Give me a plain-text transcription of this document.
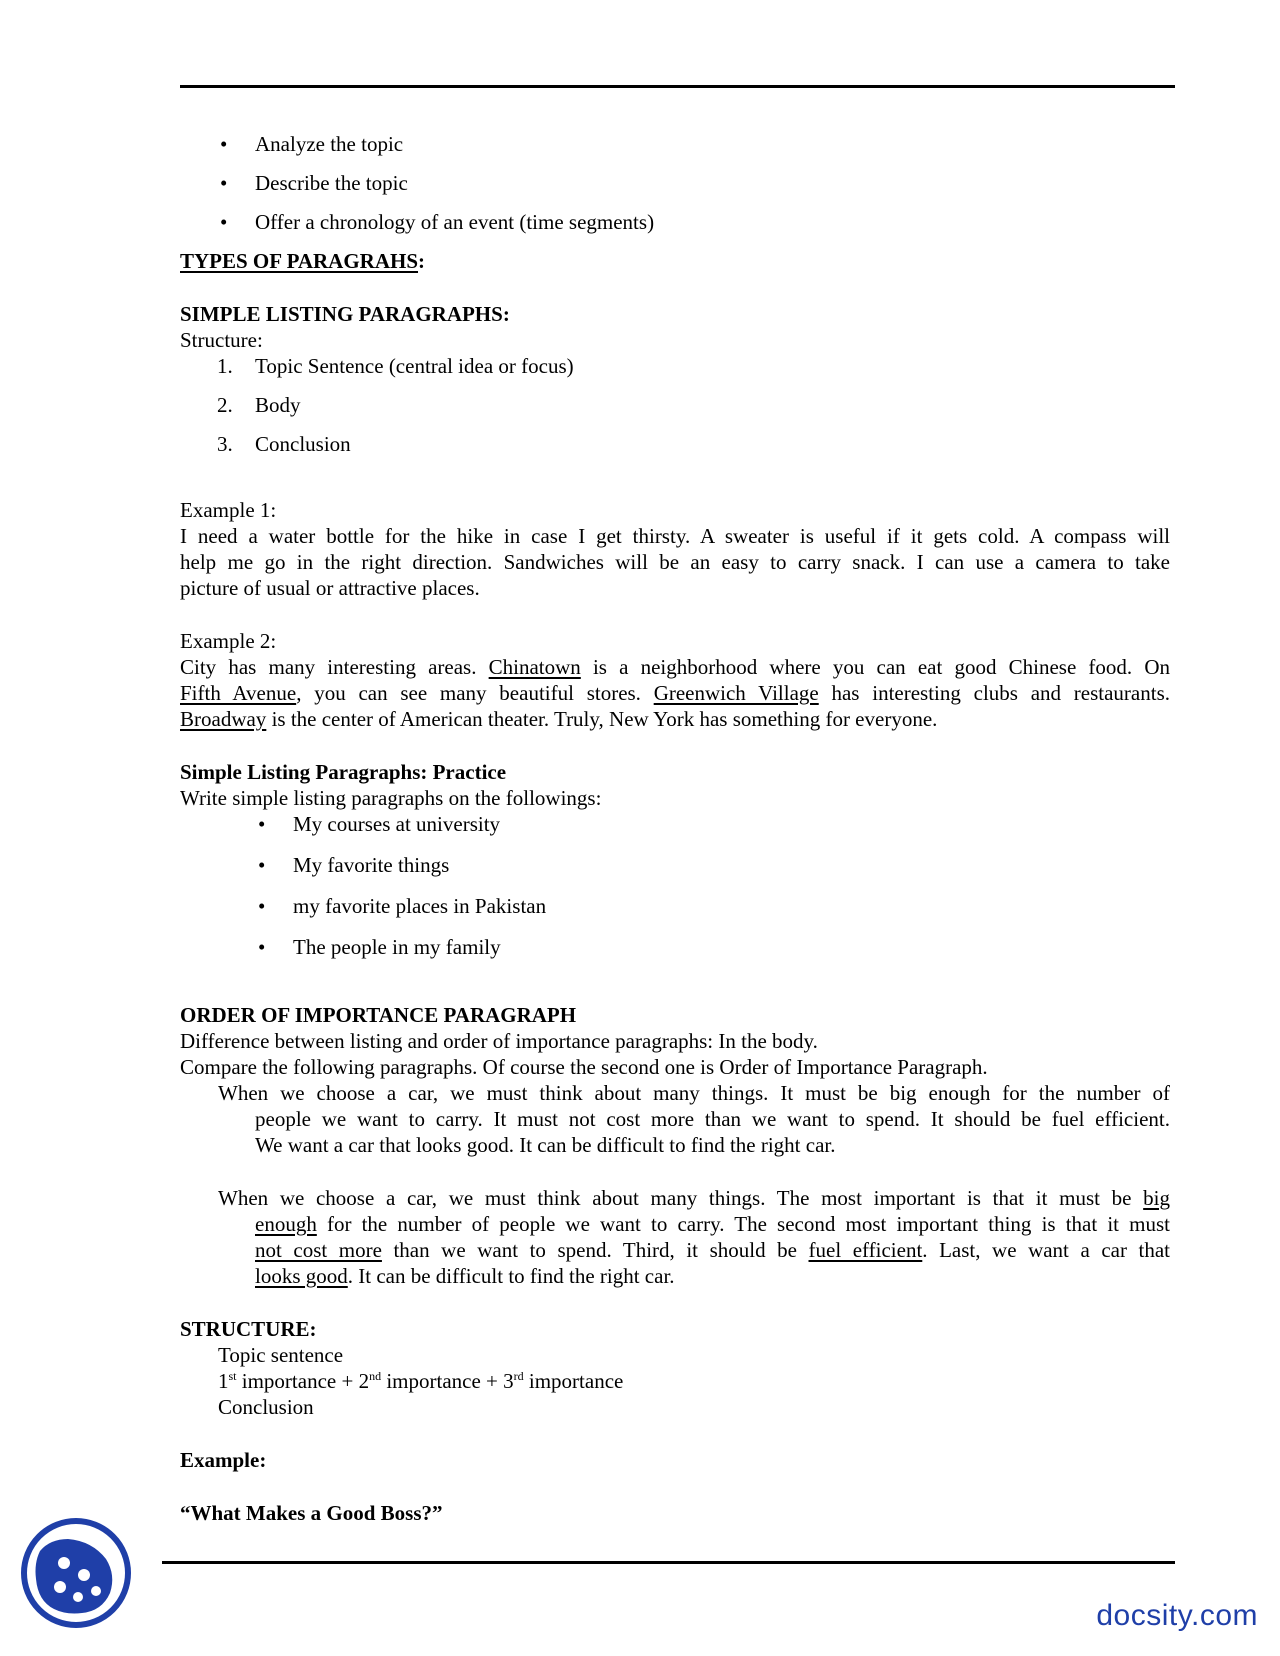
• Analyze the topic
• Describe the topic
• Offer a chronology of an event (time segments)
TYPES OF PARAGRAHS:
SIMPLE LISTING PARAGRAPHS:
Structure:
1. Topic Sentence (central idea or focus)
2. Body
3. Conclusion
Example 1:
I need a water bottle for the hike in case I get thirsty. A sweater is useful if it gets cold. A compass will
help me go in the right direction. Sandwiches will be an easy to carry snack. I can use a camera to take
picture of usual or attractive places.
Example 2:
City has many interesting areas. Chinatown is a neighborhood where you can eat good Chinese food. On
Fifth Avenue, you can see many beautiful stores. Greenwich Village has interesting clubs and restaurants.
Broadway is the center of American theater. Truly, New York has something for everyone.
Simple Listing Paragraphs: Practice
Write simple listing paragraphs on the followings:
• My courses at university
• My favorite things
• my favorite places in Pakistan
• The people in my family
ORDER OF IMPORTANCE PARAGRAPH
Difference between listing and order of importance paragraphs: In the body.
Compare the following paragraphs. Of course the second one is Order of Importance Paragraph.
When we choose a car, we must think about many things. It must be big enough for the number of
people we want to carry. It must not cost more than we want to spend. It should be fuel efficient.
We want a car that looks good. It can be difficult to find the right car.
When we choose a car, we must think about many things. The most important is that it must be big
enough for the number of people we want to carry. The second most important thing is that it must
not cost more than we want to spend. Third, it should be fuel efficient. Last, we want a car that
looks good. It can be difficult to find the right car.
STRUCTURE:
Topic sentence
1st importance + 2nd importance + 3rd importance
Conclusion
Example:
“What Makes a Good Boss?”
docsity.com
